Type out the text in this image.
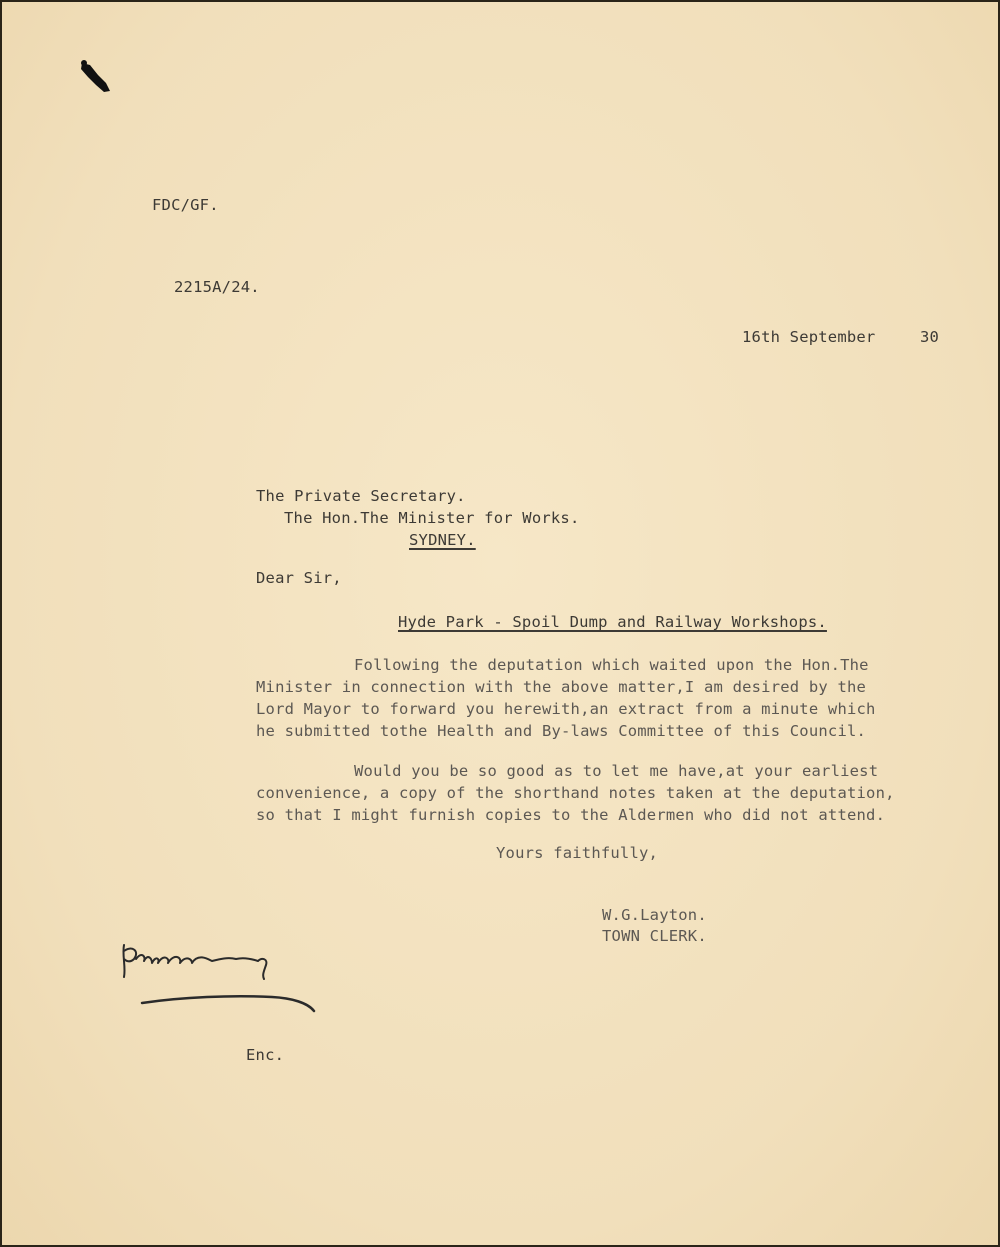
FDC/GF.

2215A/24.

16th September	30

The Private Secretary.

The Hon.The Minister for Works.

SYDNEY.

Dear Sir,

Hyde Park - Spoil Dump and Railway Workshops.

Following the deputation which waited upon the Hon.The
Minister in connection with the above matter,I am desired by the
Lord Mayor to forward you herewith,an extract from a minute which
he submitted tothe Health and By-laws Committee of this Council.
Would you be so good as to let me have,at your earliest
convenience, a copy of the shorthand notes taken at the deputation,
so that I might furnish copies to the Aldermen who did not attend.

Yours faithfully,

W.G.Layton.

TOWN CLERK.

Enc.
